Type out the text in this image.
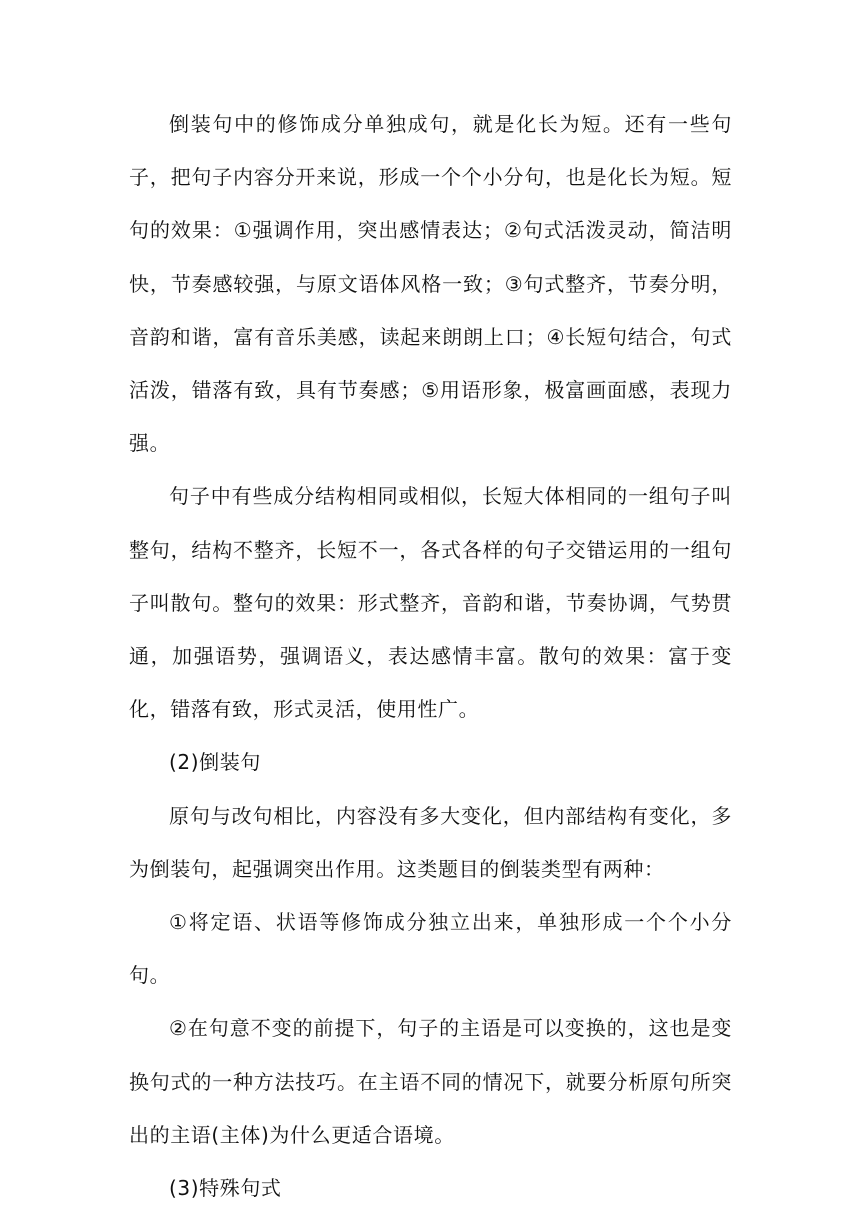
倒装句中的修饰成分单独成句，就是化长为短。还有一些句子，把句子内容分开来说，形成一个个小分句，也是化长为短。短句的效果：①强调作用，突出感情表达；②句式活泼灵动，简洁明快，节奏感较强，与原文语体风格一致；③句式整齐，节奏分明，音韵和谐，富有音乐美感，读起来朗朗上口；④长短句结合，句式活泼，错落有致，具有节奏感；⑤用语形象，极富画面感，表现力强。

句子中有些成分结构相同或相似，长短大体相同的一组句子叫整句，结构不整齐，长短不一，各式各样的句子交错运用的一组句子叫散句。整句的效果：形式整齐，音韵和谐，节奏协调，气势贯通，加强语势，强调语义，表达感情丰富。散句的效果：富于变化，错落有致，形式灵活，使用性广。

(2)倒装句

原句与改句相比，内容没有多大变化，但内部结构有变化，多为倒装句，起强调突出作用。这类题目的倒装类型有两种：

①将定语、状语等修饰成分独立出来，单独形成一个个小分句。

②在句意不变的前提下，句子的主语是可以变换的，这也是变换句式的一种方法技巧。在主语不同的情况下，就要分析原句所突出的主语(主体)为什么更适合语境。

(3)特殊句式
